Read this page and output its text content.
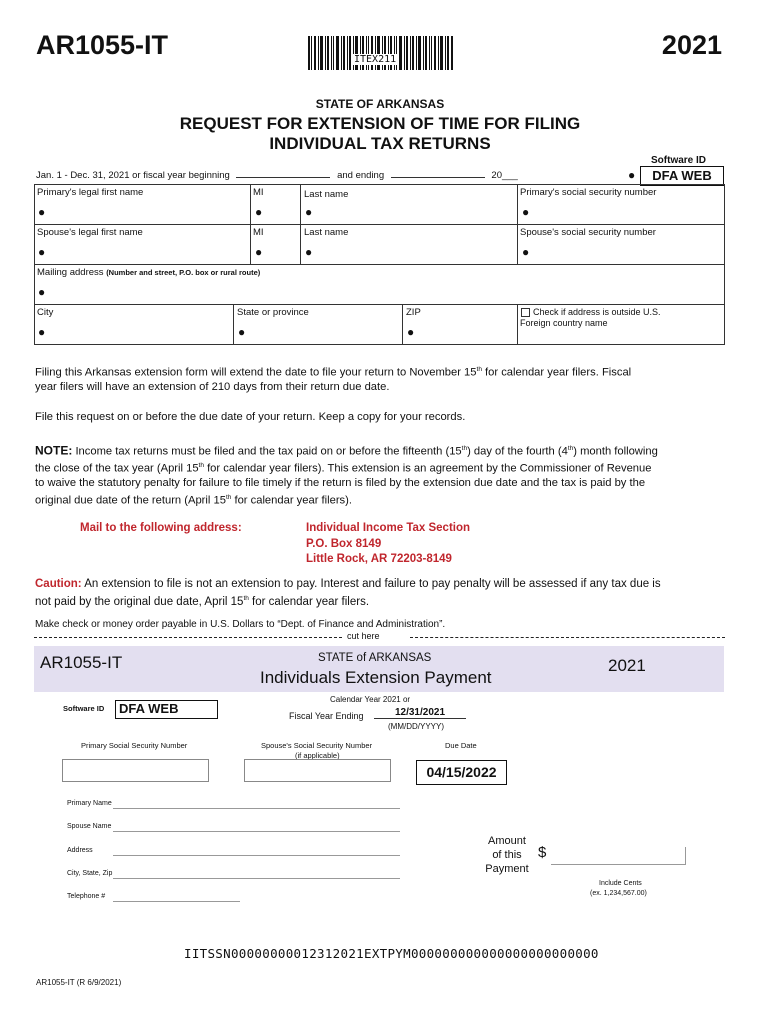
AR1055-IT	2021
ITEX211
STATE OF ARKANSAS
REQUEST FOR EXTENSION OF TIME FOR FILING
INDIVIDUAL TAX RETURNS
Software ID
●	DFA WEB
Jan. 1 - Dec. 31, 2021 or fiscal year beginning	and ending	20___
Primary's legal first name	MI	Last name	Primary's social security number
●	●	●	●
Spouse's legal first name	MI	Last name	Spouse's social security number
●	●	●	●
Mailing address (Number and street, P.O. box or rural route)
●
City	State or province	ZIP	Check if address is outside U.S.
Foreign country name
●	●	●
Filing this Arkansas extension form will extend the date to file your return to November 15th for calendar year filers. Fiscal
year filers will have an extension of 210 days from their return due date.
File this request on or before the due date of your return. Keep a copy for your records.
NOTE: Income tax returns must be filed and the tax paid on or before the fifteenth (15th) day of the fourth (4th) month following
the close of the tax year (April 15th for calendar year filers). This extension is an agreement by the Commissioner of Revenue
to waive the statutory penalty for failure to file timely if the return is filed by the extension due date and the tax is paid by the
original due date of the return (April 15th for calendar year filers).
Mail to the following address:	Individual Income Tax Section
P.O. Box 8149
Little Rock, AR 72203-8149
Caution: An extension to file is not an extension to pay. Interest and failure to pay penalty will be assessed if any tax due is
not paid by the original due date, April 15th for calendar year filers.
Make check or money order payable in U.S. Dollars to “Dept. of Finance and Administration”.
cut here
AR1055-IT	STATE of ARKANSAS
Individuals Extension Payment
2021
Software ID	DFA WEB
Calendar Year 2021 or
Fiscal Year Ending	12/31/2021
(MM/DD/YYYY)
Primary Social Security Number	Spouse's Social Security Number
(if applicable)
Due Date
04/15/2022
Primary Name
Spouse Name
Address
City, State, Zip
Telephone #
Amount
of this
Payment
$
Include Cents
(ex. 1,234,567.00)
IITSSN00000000012312021EXTPYM000000000000000000000000
AR1055-IT (R 6/9/2021)
